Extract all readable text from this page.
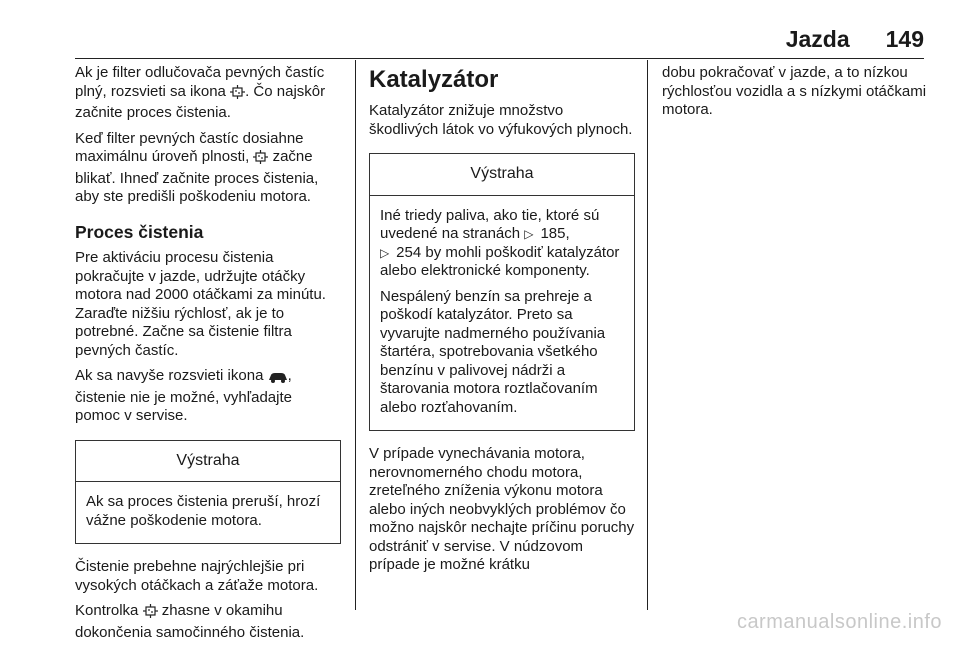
Jazda 149

Ak je filter odlučovača pevných častíc plný, rozsvieti sa ikona . Čo najskôr začnite proces čistenia.

Keď filter pevných častíc dosiahne maximálnu úroveň plnosti,  začne blikať. Ihneď začnite proces čistenia, aby ste predišli poškodeniu motora.

Proces čistenia

Pre aktiváciu procesu čistenia pokračujte v jazde, udržujte otáčky motora nad 2000 otáčkami za minútu. Zaraďte nižšiu rýchlosť, ak je to potrebné. Začne sa čistenie filtra pevných častíc.

Ak sa navyše rozsvieti ikona , čistenie nie je možné, vyhľadajte pomoc v servise.

Výstraha

Ak sa proces čistenia preruší, hrozí vážne poškodenie motora.

Čistenie prebehne najrýchlejšie pri vysokých otáčkach a záťaže motora.

Kontrolka  zhasne v okamihu dokončenia samočinného čistenia.

Katalyzátor

Katalyzátor znižuje množstvo škodlivých látok vo výfukových plynoch.

Výstraha

Iné triedy paliva, ako tie, ktoré sú uvedené na stranách ▷ 185,
▷ 254 by mohli poškodiť katalyzátor alebo elektronické komponenty.

Nespálený benzín sa prehreje a poškodí katalyzátor. Preto sa vyvarujte nadmerného používania štartéra, spotrebovania všetkého benzínu v palivovej nádrži a štarovania motora roztlačovaním alebo rozťahovaním.

V prípade vynechávania motora, nerovnomerného chodu motora, zreteľného zníženia výkonu motora alebo iných neobvyklých problémov čo možno najskôr nechajte príčinu poruchy odstrániť v servise. V núdzovom prípade je možné krátku

dobu pokračovať v jazde, a to nízkou rýchlosťou vozidla a s nízkymi otáčkami motora.

carmanualsonline.info
